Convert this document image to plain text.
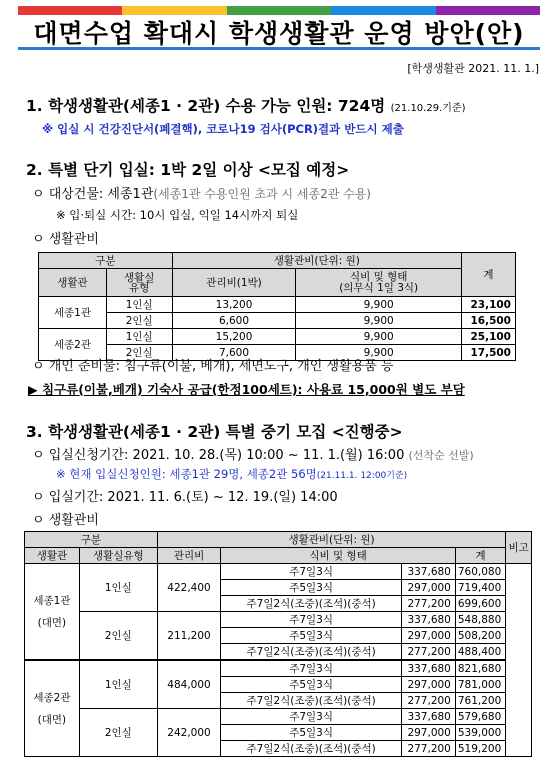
대면수업 확대시 학생생활관 운영 방안(안)
[학생생활관 2021. 11. 1.]
1. 학생생활관(세종1 · 2관) 수용 가능 인원: 724명 (21.10.29.기준)
※ 입실 시 건강진단서(폐결핵), 코로나19 검사(PCR)결과 반드시 제출
2. 특별 단기 입실: 1박 2일 이상 <모집 예정>
ㅇ 대상건물: 세종1관(세종1관 수용인원 초과 시 세종2관 수용)
※ 입·퇴실 시간: 10시 입실, 익일 14시까지 퇴실
ㅇ 생활관비
구분		생활관비(단위: 원)		계
생활관	생활실
유형	관리비(1박)	식비 및 형태
(의무식 1일 3식)	
세종1관	1인실	13,200	9,900	23,100
	2인실	6,600	9,900	16,500
세종2관	1인실	15,200	9,900	25,100
	2인실	7,600	9,900	17,500
ㅇ 개인 준비물: 침구류(이불, 베개), 세면도구, 개인 생활용품 등
▶ 침구류(이불,베개) 기숙사 공급(한정100세트): 사용료 15,000원 별도 부담
3. 학생생활관(세종1 · 2관) 특별 중기 모집 <진행중>
ㅇ 입실신청기간: 2021. 10. 28.(목) 10:00 ~ 11. 1.(월) 16:00 (선착순 선발)
※ 현재 입실신청인원: 세종1관 29명, 세종2관 56명(21.11.1. 12:00기준)
ㅇ 입실기간: 2021. 11. 6.(토) ~ 12. 19.(일) 14:00
ㅇ 생활관비
구분		생활관비(단위: 원)				비고
생활관	생활실유형	관리비	식비 및 형태		계	

세종1관
(대면)	1인실	422,400	주7일3식	337,680	760,080	
			주5일3식	297,000	719,400	
			주7일2식(조중)(조석)(중석)	277,200	699,600	
	2인실	211,200	주7일3식	337,680	548,880	
			주5일3식	297,000	508,200	
			주7일2식(조중)(조석)(중석)	277,200	488,400	

세종2관
(대면)	1인실	484,000	주7일3식	337,680	821,680	
			주5일3식	297,000	781,000	
			주7일2식(조중)(조석)(중석)	277,200	761,200	
	2인실	242,000	주7일3식	337,680	579,680	
			주5일3식	297,000	539,000	
			주7일2식(조중)(조석)(중석)	277,200	519,200	
